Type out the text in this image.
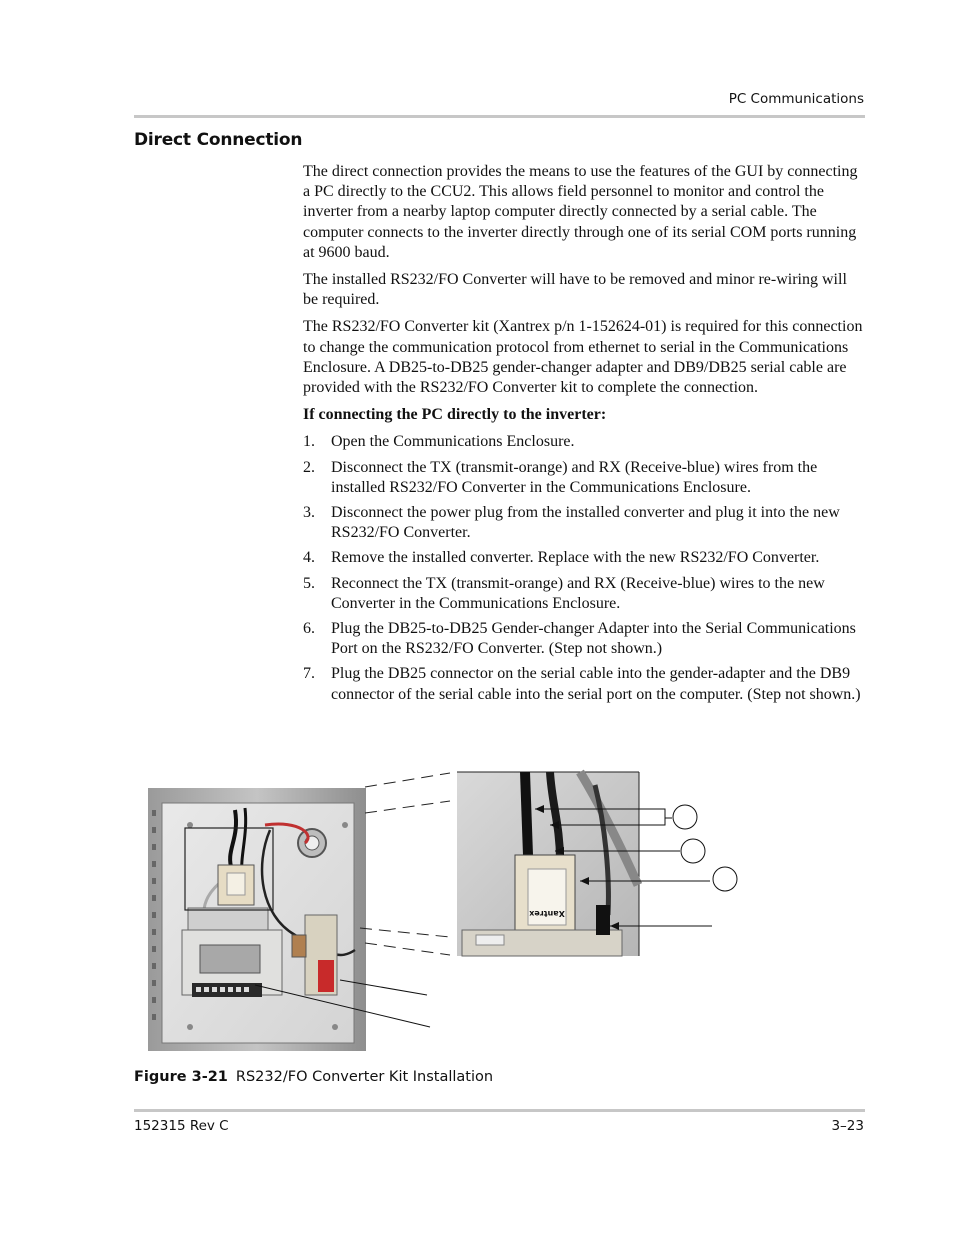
PC Communications
Direct Connection

The direct connection provides the means to use the features of the GUI by connecting a PC directly to the CCU2. This allows field personnel to monitor and control the inverter from a nearby laptop computer directly connected by a serial cable. The computer connects to the inverter directly through one of its serial COM ports running at 9600 baud.

The installed RS232/FO Converter will have to be removed and minor re-wiring will be required.

The RS232/FO Converter kit (Xantrex p/n 1-152624-01) is required for this connection to change the communication protocol from ethernet to serial in the Communications Enclosure. A DB25-to-DB25 gender-changer adapter and DB9/DB25 serial cable are provided with the RS232/FO Converter kit to complete the connection.

If connecting the PC directly to the inverter:

1. Open the Communications Enclosure.
2. Disconnect the TX (transmit-orange) and RX (Receive-blue) wires from the installed RS232/FO Converter in the Communications Enclosure.
3. Disconnect the power plug from the installed converter and plug it into the new RS232/FO Converter.
4. Remove the installed converter. Replace with the new RS232/FO Converter.
5. Reconnect the TX (transmit-orange) and RX (Receive-blue) wires to the new Converter in the Communications Enclosure.
6. Plug the DB25-to-DB25 Gender-changer Adapter into the Serial Communications Port on the RS232/FO Converter. (Step not shown.)
7. Plug the DB25 connector on the serial cable into the gender-adapter and the DB9 connector of the serial cable into the serial port on the computer. (Step not shown.)
Xantrex
Figure 3-21 RS232/FO Converter Kit Installation
152315 Rev C	3–23
